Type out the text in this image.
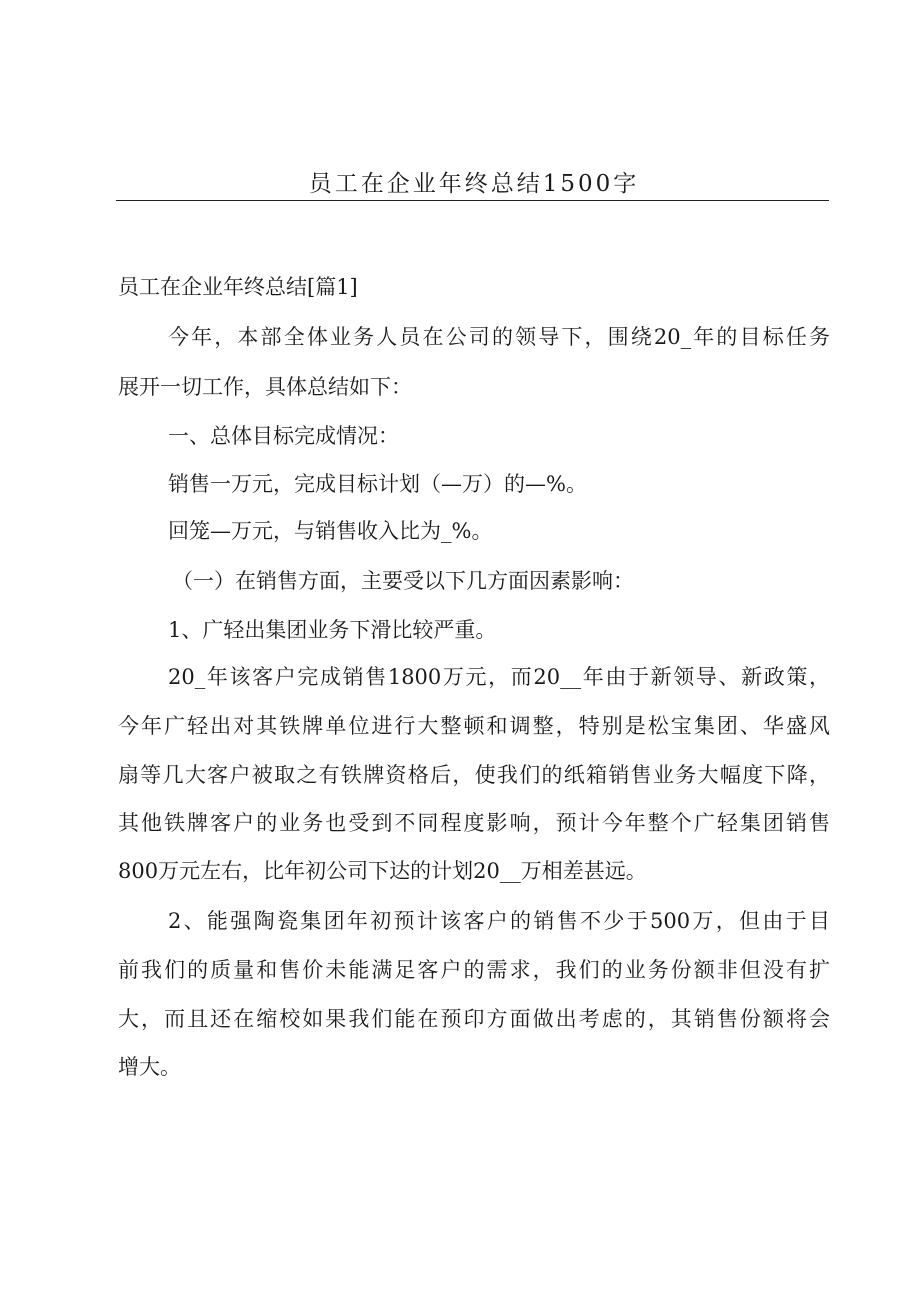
员工在企业年终总结1500字
员工在企业年终总结[篇1]
今年，本部全体业务人员在公司的领导下，围绕20_年的目标任务
展开一切工作，具体总结如下：
一、总体目标完成情况：
销售一万元，完成目标计划（—万）的—%。
回笼—万元，与销售收入比为_%。
（一）在销售方面，主要受以下几方面因素影响：
1、广轻出集团业务下滑比较严重。
20_年该客户完成销售1800万元，而20__年由于新领导、新政策，
今年广轻出对其铁牌单位进行大整顿和调整，特别是松宝集团、华盛风
扇等几大客户被取之有铁牌资格后，使我们的纸箱销售业务大幅度下降，
其他铁牌客户的业务也受到不同程度影响，预计今年整个广轻集团销售
800万元左右，比年初公司下达的计划20__万相差甚远。
2、能强陶瓷集团年初预计该客户的销售不少于500万，但由于目
前我们的质量和售价未能满足客户的需求，我们的业务份额非但没有扩
大，而且还在缩校如果我们能在预印方面做出考虑的，其销售份额将会
增大。
